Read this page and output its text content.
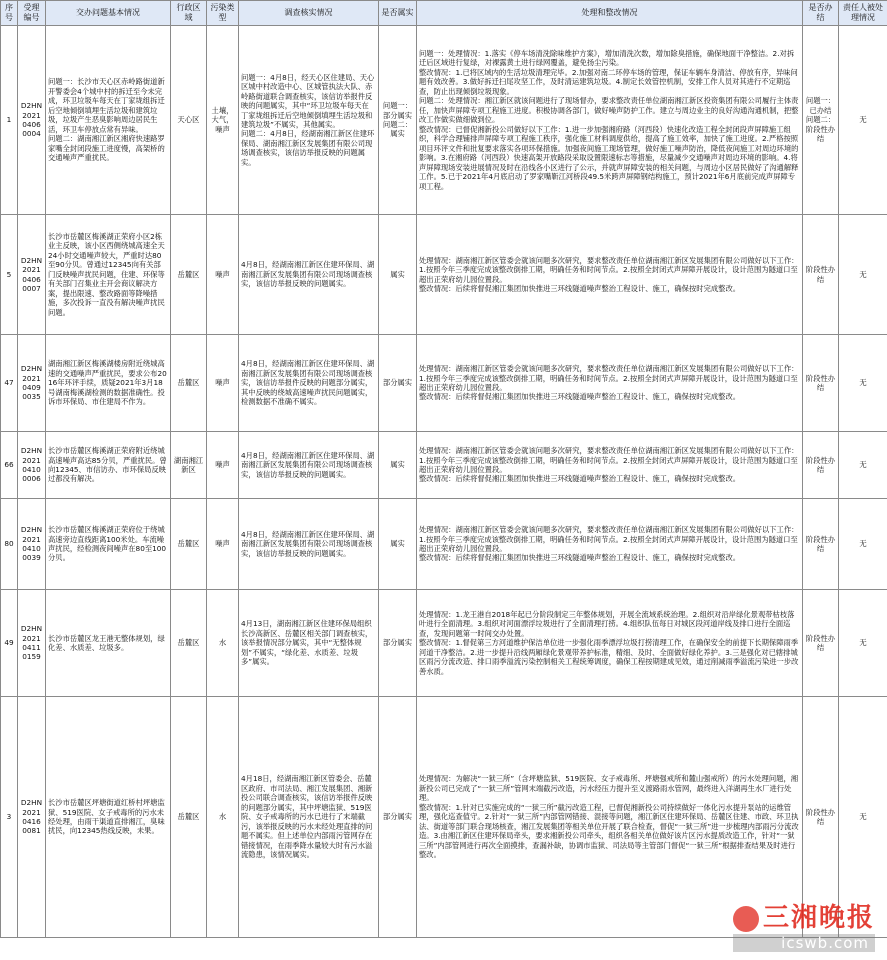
序号	受理编号	交办问题基本情况	行政区域	污染类型	调查核实情况	是否属实	处理和整改情况	是否办结	责任人被处理情况
1	D2HN202104060004	问题一：长沙市天心区赤岭路街道新开警委会4个城中村的拆迁至今未完成，环卫垃圾车每天在丁家垅组拆迁后空地倾倒填埋生活垃圾和建筑垃圾，垃圾产生恶臭影响周边居民生活，环卫车停放点常有异味。
问题二：湖南湘江新区湘府快速路罗家嘴全封闭段施工进度慢，高架桥的交通噪声严重扰民。	天心区	土壤，大气，噪声	问题一：4月8日，经天心区住建局、天心区城中村改造中心、区城管执法大队、赤岭路街道联合调查核实，该信访举报件反映的问题属实，其中“环卫垃圾车每天在丁家垅组拆迁后空地倾倒填埋生活垃圾和建筑垃圾”不属实，其他属实。
问题二：4月8日，经湖南湘江新区住建环保局、湖南湘江新区发展集团有限公司现场调查核实，该信访举报反映的问题属实。	问题一：部分属实
问题二：属实	问题一：处理情况：1.落实《停车场清洗除味维护方案》，增加清洗次数，增加除臭措施，确保地面干净整洁。2.对拆迁后区域进行复绿，对裸露黄土进行绿网覆盖，避免扬尘污染。
整改情况：1.已将区域内的生活垃圾清理完毕。2.加强对南二环停车场的管理，保证车辆车身清洁、停放有序，异味问题有效改善。3.做好拆迁扫尾攻坚工作，及时清运建筑垃圾。4.制定长效管控机制，安排工作人员对其进行不定期巡查，防止出现倾倒垃圾现象。
问题二：处理情况：湘江新区就该问题进行了现场督办，要求整改责任单位湖南湘江新区投资集团有限公司履行主体责任，加快声屏障专项工程施工进度。积极协调各部门，做好噪声防护工作。建立与周边业主的良好沟通沟通机制，把整改工作做实做细做到位。
整改情况：已督促湘新投公司做好以下工作：1.进一步加强湘府路（河西段）快速化改造工程全封闭段声屏障施工组织，科学合理铺排声屏障专项工程施工秩序，强化施工材料调度供给，提高了施工效率，加快了施工进度。2.严格按照项目环评文件和批复要求落实各项环保措施。加强夜间施工现场管理，做好施工噪声防治，降低夜间施工对周边环境的影响。3.在湘府路（河西段）快速高架开放路段采取设置限速标志等措施，尽量减少交通噪声对周边环境的影响。4.将声屏障现场安装进展情况及时在沿线各小区进行了公示，并就声屏障安装的相关问题，与周边小区居民做好了沟通解释工作。5.已于2021年4月底启动了罗家嘴靳江河桥段49.5米跨声屏障钢结构施工，预计2021年6月底前完成声屏障专项工程。	问题一：已办结
问题二：阶段性办结	无
5	D2HN202104060007	长沙市岳麓区梅溪湖正荣府小区2栋业主反映，该小区西侧绕城高速全天24小时交通噪声较大，严重时达80至90分贝。曾通过12345向有关部门反映噪声扰民问题，住建、环保等有关部门召集业主开会商议解决方案，提出限速、整改路面等降噪措施，多次投诉一直没有解决噪声扰民问题。	岳麓区	噪声	4月8日，经湖南湘江新区住建环保局、湖南湘江新区发展集团有限公司现场调查核实，该信访举报反映的问题属实。	属实	处理情况：湖南湘江新区管委会就该问题多次研究，要求整改责任单位湖南湘江新区发展集团有限公司做好以下工作：1.按照今年三季度完成该整改倒排工期，明确任务和时间节点。2.按照全封闭式声屏障开展设计，设计范围为隧道口至超出正荣府幼儿园位置段。
整改情况：后续将督促湘江集团加快推进三环线隧道噪声整治工程设计、施工，确保按时完成整改。	阶段性办结	无
47	D2HN202104090035	湖南湘江新区梅溪湖楼房附近绕城高速的交通噪声严重扰民，要求公布2016年环评手续，质疑2021年3月18号湖南梅溪湖检测的数据准确性。投诉市环保局、市住建局不作为。	岳麓区	噪声	4月8日，经湖南湘江新区住建环保局、湖南湘江新区发展集团有限公司现场调查核实，该信访举报件反映的问题部分属实，其中反映的绕城高速噪声扰民问题属实，检测数据不准确不属实。	部分属实	处理情况：湖南湘江新区管委会就该问题多次研究，要求整改责任单位湖南湘江新区发展集团有限公司做好以下工作：1.按照今年三季度完成该整改倒排工期，明确任务和时间节点。2.按照全封闭式声屏障开展设计，设计范围为隧道口至超出正荣府幼儿园位置段。
整改情况：后续将督促湘江集团加快推进三环线隧道噪声整治工程设计、施工，确保按时完成整改。	阶段性办结	无
66	D2HN202104100006	长沙市岳麓区梅溪湖正荣府附近绕城高速噪声高达85分贝，严重扰民。曾向12345、市信访办、市环保局反映过都没有解决。	湖南湘江新区	噪声	4月8日，经湖南湘江新区住建环保局、湖南湘江新区发展集团有限公司现场调查核实，该信访举报反映的问题属实。	属实	处理情况：湖南湘江新区管委会就该问题多次研究，要求整改责任单位湖南湘江新区发展集团有限公司做好以下工作：1.按照今年三季度完成该整改倒排工期，明确任务和时间节点。2.按照全封闭式声屏障开展设计，设计范围为隧道口至超出正荣府幼儿园位置段。
整改情况：后续将督促湘江集团加快推进三环线隧道噪声整治工程设计、施工，确保按时完成整改。	阶段性办结	无
80	D2HN202104100039	长沙市岳麓区梅溪湖正荣府位于绕城高速旁边直线距离100米处。车流噪声扰民，经检测夜间噪声在80至100分贝。	岳麓区	噪声	4月8日，经湖南湘江新区住建环保局、湖南湘江新区发展集团有限公司现场调查核实，该信访举报反映的问题属实。	属实	处理情况：湖南湘江新区管委会就该问题多次研究，要求整改责任单位湖南湘江新区发展集团有限公司做好以下工作：1.按照今年三季度完成该整改倒排工期，明确任务和时间节点。2.按照全封闭式声屏障开展设计，设计范围为隧道口至超出正荣府幼儿园位置段。
整改情况：后续将督促湘江集团加快推进三环线隧道噪声整治工程设计、施工，确保按时完成整改。	阶段性办结	无
49	D2HN202104110159	长沙市岳麓区龙王港无整体规划，绿化差、水质差、垃圾多。	岳麓区	水	4月13日，湖南湘江新区住建环保局组织长沙高新区、岳麓区相关部门调查核实，该举报情况部分属实，其中“无整体规划”不属实，“绿化差、水质差、垃圾多”属实。	部分属实	处理情况：1.龙王港自2018年起已分阶段制定三年整体规划，开展全流域系统治理。2.组织对沿岸绿化景观带枯枝落叶进行全面清理。3.组织对河面漂浮垃圾进行了全面清理打捞。4.组织队伍每日对城区段河道岸线及排口进行全面巡查，发现问题第一时间交办处置。
整改情况：1.督促第三方河道维护保洁单位进一步强化雨季漂浮垃圾打捞清理工作，在确保安全的前提下长期保障雨季河道干净整洁。2.进一步提升沿线两厢绿化景观带养护标准，精细、及时、全面做好绿化养护。3.三是强化对已辖排城区雨污分流改造、排口雨季溢流污染控制相关工程统筹调度，确保工程按期建成见效，通过削减雨季溢流污染进一步改善水质。	阶段性办结	无
3	D2HN202104160081	长沙市岳麓区坪塘街道红桥村坪塘监狱、519医院、女子戒毒所的污水未经处理，由雨干渠道直排湘江，臭味扰民，向12345热线反映，未果。	岳麓区	水	4月18日，经湖南湘江新区管委会、岳麓区政府、市司法局、湘江发展集团、湘新投公司联合调查核实，该信访举报件反映的问题部分属实，其中坪塘监狱、519医院、女子戒毒所的污水已进行了末端截污，该举报反映的污水未经处理直排的问题不属实。但上述单位内部雨污管网存在错接情况，在雨季降水量较大时有污水溢流隐患，该情况属实。	部分属实	处理情况：为解决“一狱三所”（含坪塘监狱、519医院、女子戒毒所、坪塘强戒所和麓山强戒所）的污水处理问题，湘新投公司已完成了“一狱三所”管网末端截污改造，污水经压力提升至义渡路雨水管网，最终进入洋湖再生水厂进行处理。
整改情况：1.针对已实施完成的“一狱三所”截污改造工程，已督促湘新投公司持续做好一体化污水提升泵站的运维管理，强化巡查值守。2.针对“一狱三所”内部管网错接、混接等问题，湘江新区住建环保局、岳麓区住建、市政、环卫执法、街道等部门联合现场核查，湘江发展集团等相关单位开展了联合检查，督促“一狱三所”进一步梳理内部雨污分流改造。3.由湘江新区住建环保局牵头，要求湘新投公司牵头，组织各相关单位做好该片区污水提质改造工作，针对“一狱三所”内部管网进行再次全面摸排，查漏补缺，协调市监狱、司法局等主管部门督促“一狱三所”根据排查结果及时进行整改。	阶段性办结	无
三湘晚报
icswb.com
